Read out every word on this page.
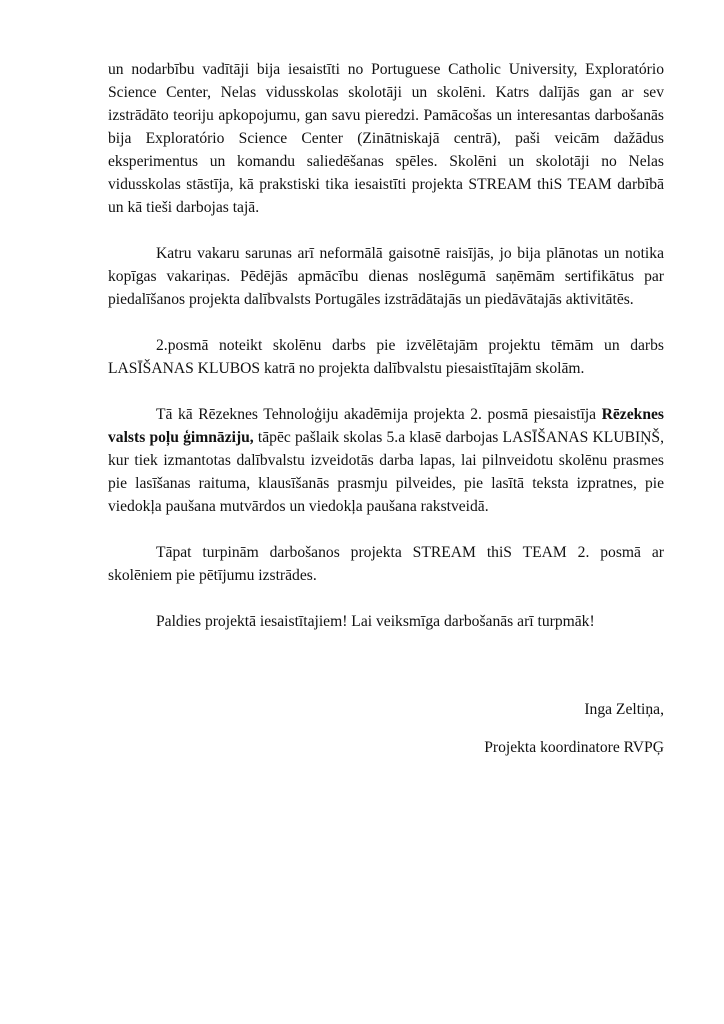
un nodarbību vadītāji bija iesaistīti no Portuguese Catholic University, Exploratório Science Center, Nelas vidusskolas skolotāji un skolēni. Katrs dalījās gan ar sev izstrādāto teoriju apkopojumu, gan savu pieredzi. Pamācošas un interesantas darbošanās bija Exploratório Science Center (Zinātniskajā centrā), paši veicām dažādus eksperimentus un komandu saliedēšanas spēles. Skolēni un skolotāji no Nelas vidusskolas stāstīja, kā prakstiski tika iesaistīti projekta STREAM thiS TEAM darbībā un kā tieši darbojas tajā.

Katru vakaru sarunas arī neformālā gaisotnē raisījās, jo bija plānotas un notika kopīgas vakariņas. Pēdējās apmācību dienas noslēgumā saņēmām sertifikātus par piedalīšanos projekta dalībvalsts Portugāles izstrādātajās un piedāvātajās aktivitātēs.

2.posmā noteikt skolēnu darbs pie izvēlētajām projektu tēmām un darbs LASĪŠANAS KLUBOS katrā no projekta dalībvalstu piesaistītajām skolām.

Tā kā Rēzeknes Tehnoloģiju akadēmija projekta 2. posmā piesaistīja Rēzeknes valsts poļu ģimnāziju, tāpēc pašlaik skolas 5.a klasē darbojas LASĪŠANAS KLUBIŅŠ, kur tiek izmantotas dalībvalstu izveidotās darba lapas, lai pilnveidotu skolēnu prasmes pie lasīšanas raituma, klausīšanās prasmju pilveides, pie lasītā teksta izpratnes, pie viedokļa paušana mutvārdos un viedokļa paušana rakstveidā.

Tāpat turpinām darbošanos projekta STREAM thiS TEAM 2. posmā ar skolēniem pie pētījumu izstrādes.

Paldies projektā iesaistītajiem! Lai veiksmīga darbošanās arī turpmāk!

Inga Zeltiņa,
Projekta koordinatore RVPĢ
